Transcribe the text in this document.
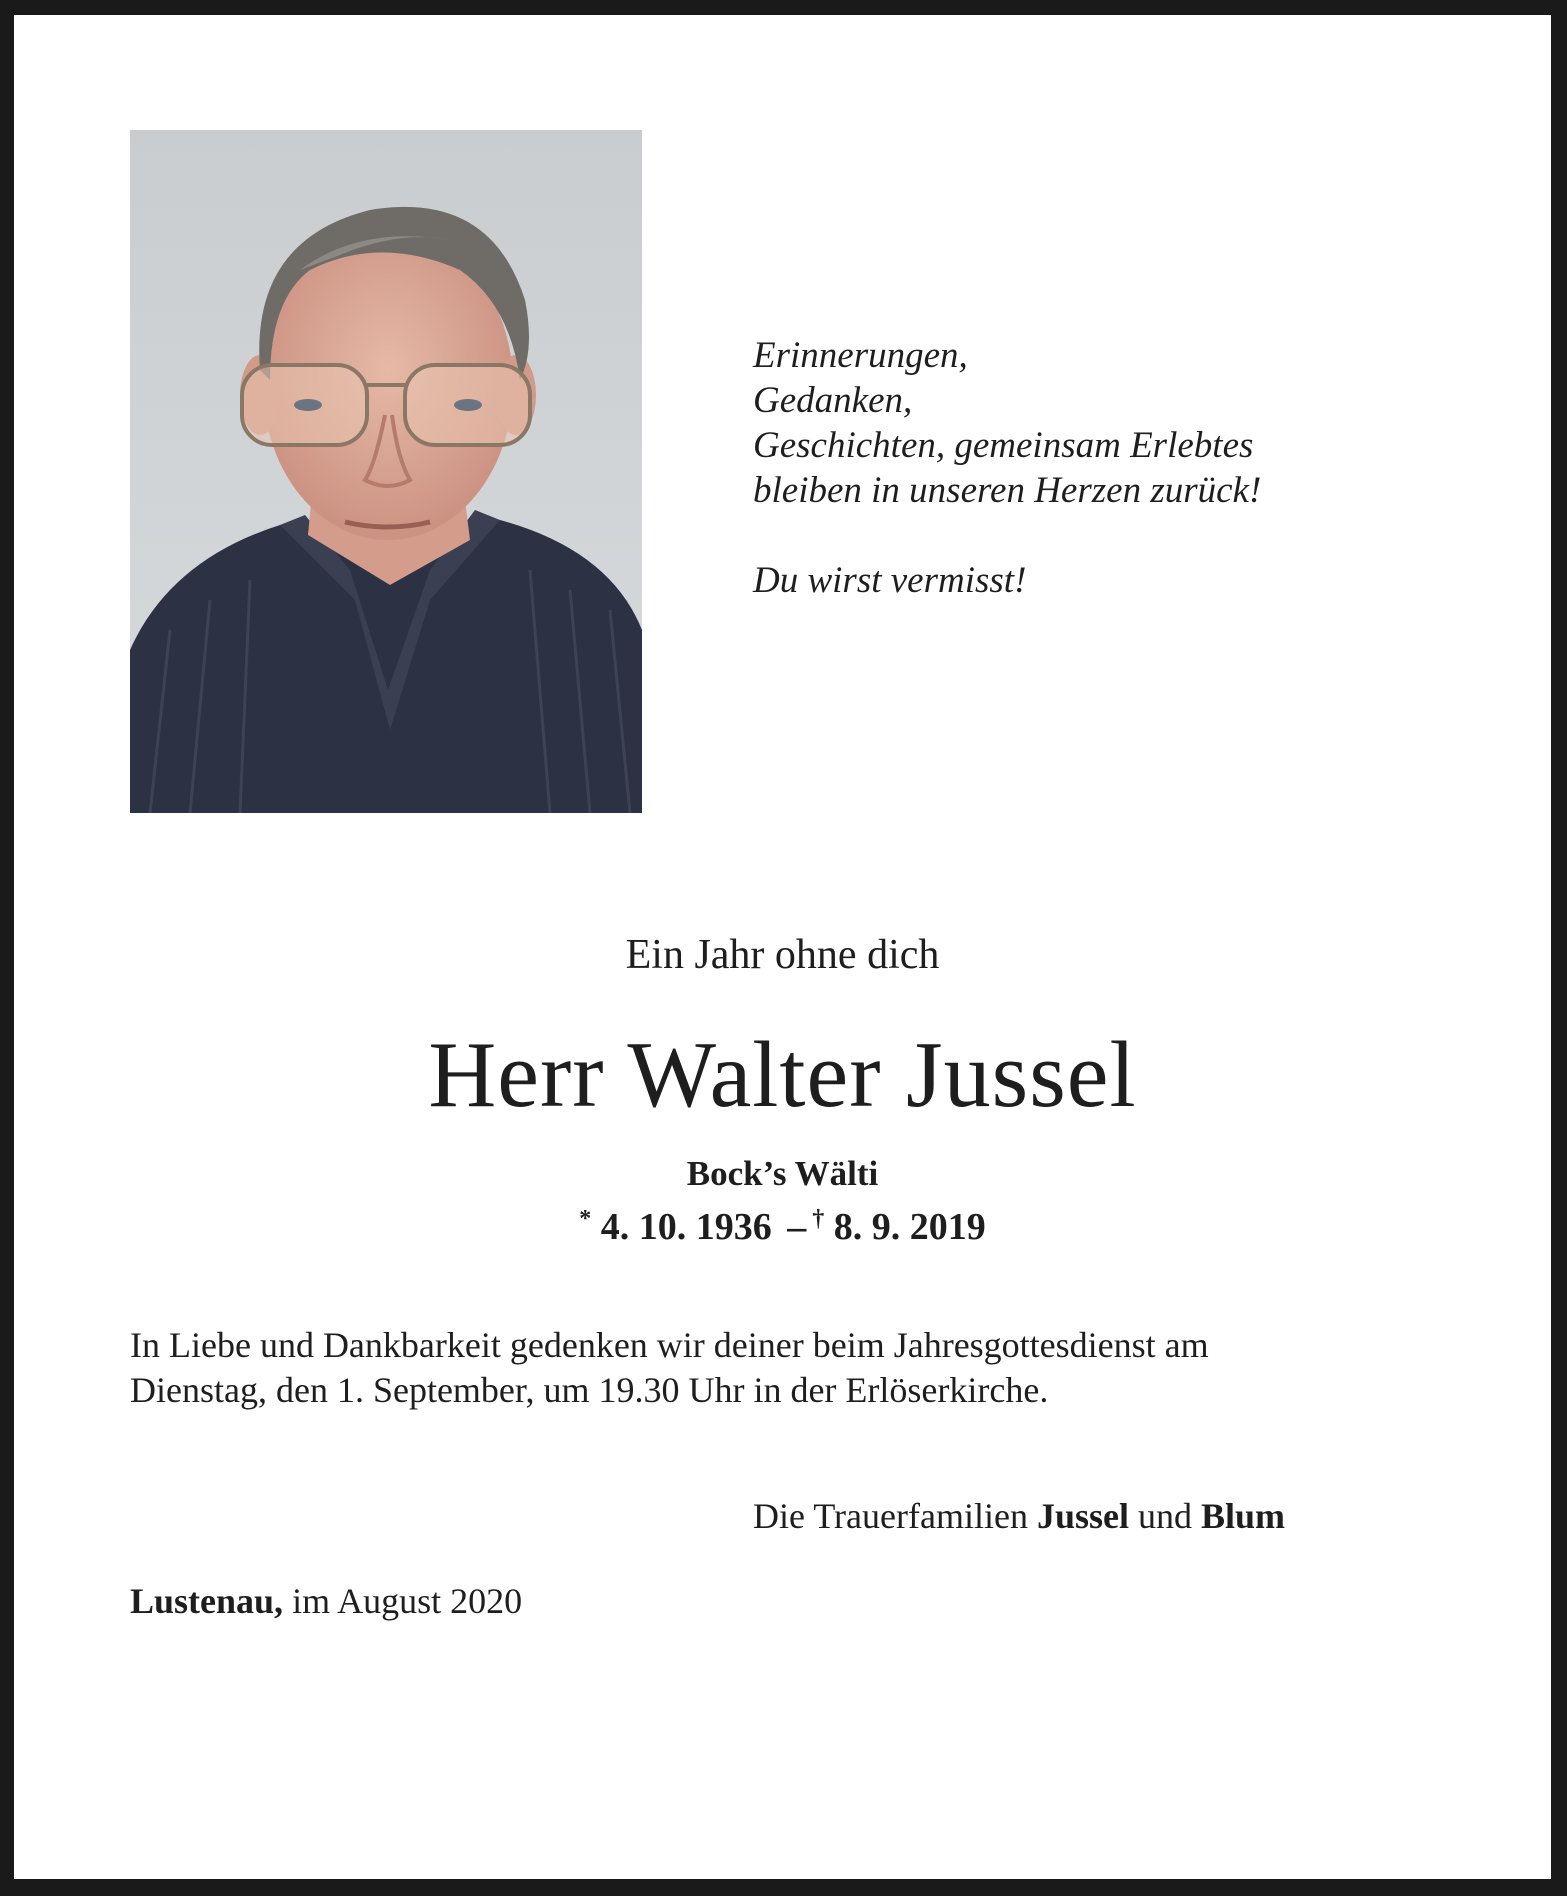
Erinnerungen,
Gedanken,
Geschichten, gemeinsam Erlebtes
bleiben in unseren Herzen zurück!
Du wirst vermisst!
Ein Jahr ohne dich
Herr Walter Jussel
Bock’s Wälti
* 4. 10. 1936 – † 8. 9. 2019
In Liebe und Dankbarkeit gedenken wir deiner beim Jahresgottesdienst am
Dienstag, den 1. September, um 19.30 Uhr in der Erlöserkirche.
Die Trauerfamilien Jussel und Blum
Lustenau, im August 2020
